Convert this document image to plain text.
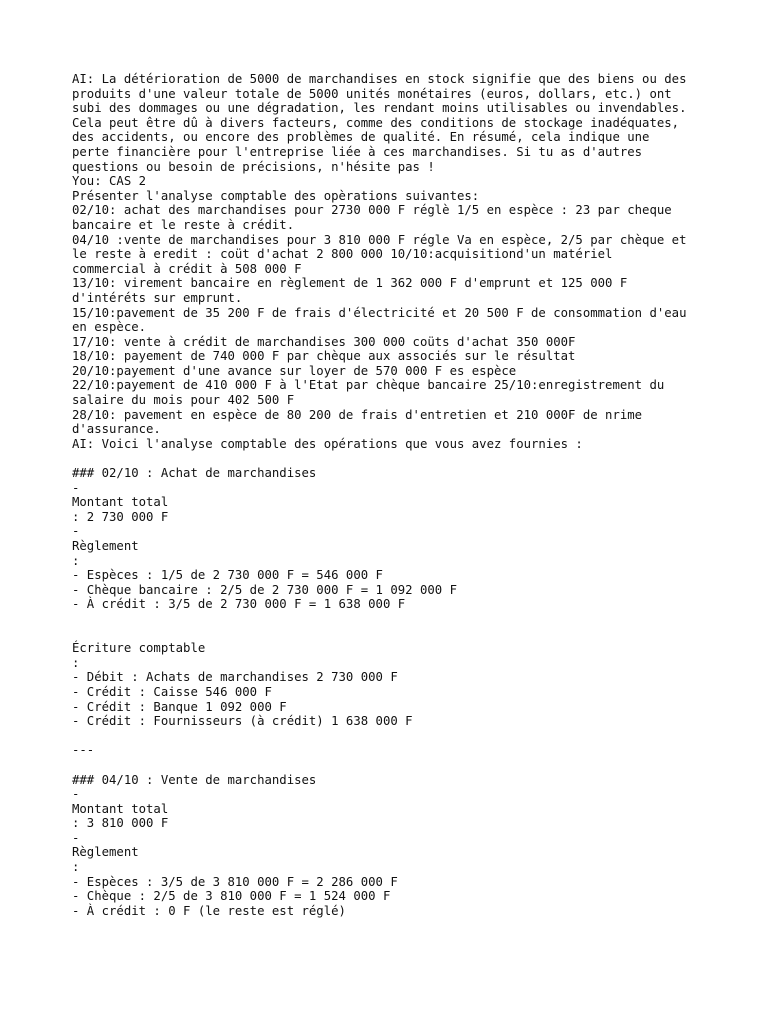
AI: La détérioration de 5000 de marchandises en stock signifie que des biens ou des
produits d'une valeur totale de 5000 unités monétaires (euros, dollars, etc.) ont
subi des dommages ou une dégradation, les rendant moins utilisables ou invendables.
Cela peut être dû à divers facteurs, comme des conditions de stockage inadéquates,
des accidents, ou encore des problèmes de qualité. En résumé, cela indique une
perte financière pour l'entreprise liée à ces marchandises. Si tu as d'autres
questions ou besoin de précisions, n'hésite pas !
You: CAS 2
Présenter l'analyse comptable des opèrations suivantes:
02/10: achat des marchandises pour 2730 000 F réglè 1/5 en espèce : 23 par cheque
bancaire et le reste à crédit.
04/10 :vente de marchandises pour 3 810 000 F régle Va en espèce, 2/5 par chèque et
le reste à eredit : coüt d'achat 2 800 000 10/10:acquisitiond'un matériel
commercial à crédit à 508 000 F
13/10: virement bancaire en règlement de 1 362 000 F d'emprunt et 125 000 F
d'intéréts sur emprunt.
15/10:pavement de 35 200 F de frais d'électricité et 20 500 F de consommation d'eau
en espèce.
17/10: vente à crédit de marchandises 300 000 coüts d'achat 350 000F
18/10: payement de 740 000 F par chèque aux associés sur le résultat
20/10:payement d'une avance sur loyer de 570 000 F es espèce
22/10:payement de 410 000 F à l'Etat par chèque bancaire 25/10:enregistrement du
salaire du mois pour 402 500 F
28/10: pavement en espèce de 80 200 de frais d'entretien et 210 000F de nrime
d'assurance.
AI: Voici l'analyse comptable des opérations que vous avez fournies :
### 02/10 : Achat de marchandises
-
Montant total
: 2 730 000 F
-
Règlement
:
- Espèces : 1/5 de 2 730 000 F = 546 000 F
- Chèque bancaire : 2/5 de 2 730 000 F = 1 092 000 F
- À crédit : 3/5 de 2 730 000 F = 1 638 000 F
Écriture comptable
:
- Débit : Achats de marchandises 2 730 000 F
- Crédit : Caisse 546 000 F
- Crédit : Banque 1 092 000 F
- Crédit : Fournisseurs (à crédit) 1 638 000 F
---
### 04/10 : Vente de marchandises
-
Montant total
: 3 810 000 F
-
Règlement
:
- Espèces : 3/5 de 3 810 000 F = 2 286 000 F
- Chèque : 2/5 de 3 810 000 F = 1 524 000 F
- À crédit : 0 F (le reste est réglé)
